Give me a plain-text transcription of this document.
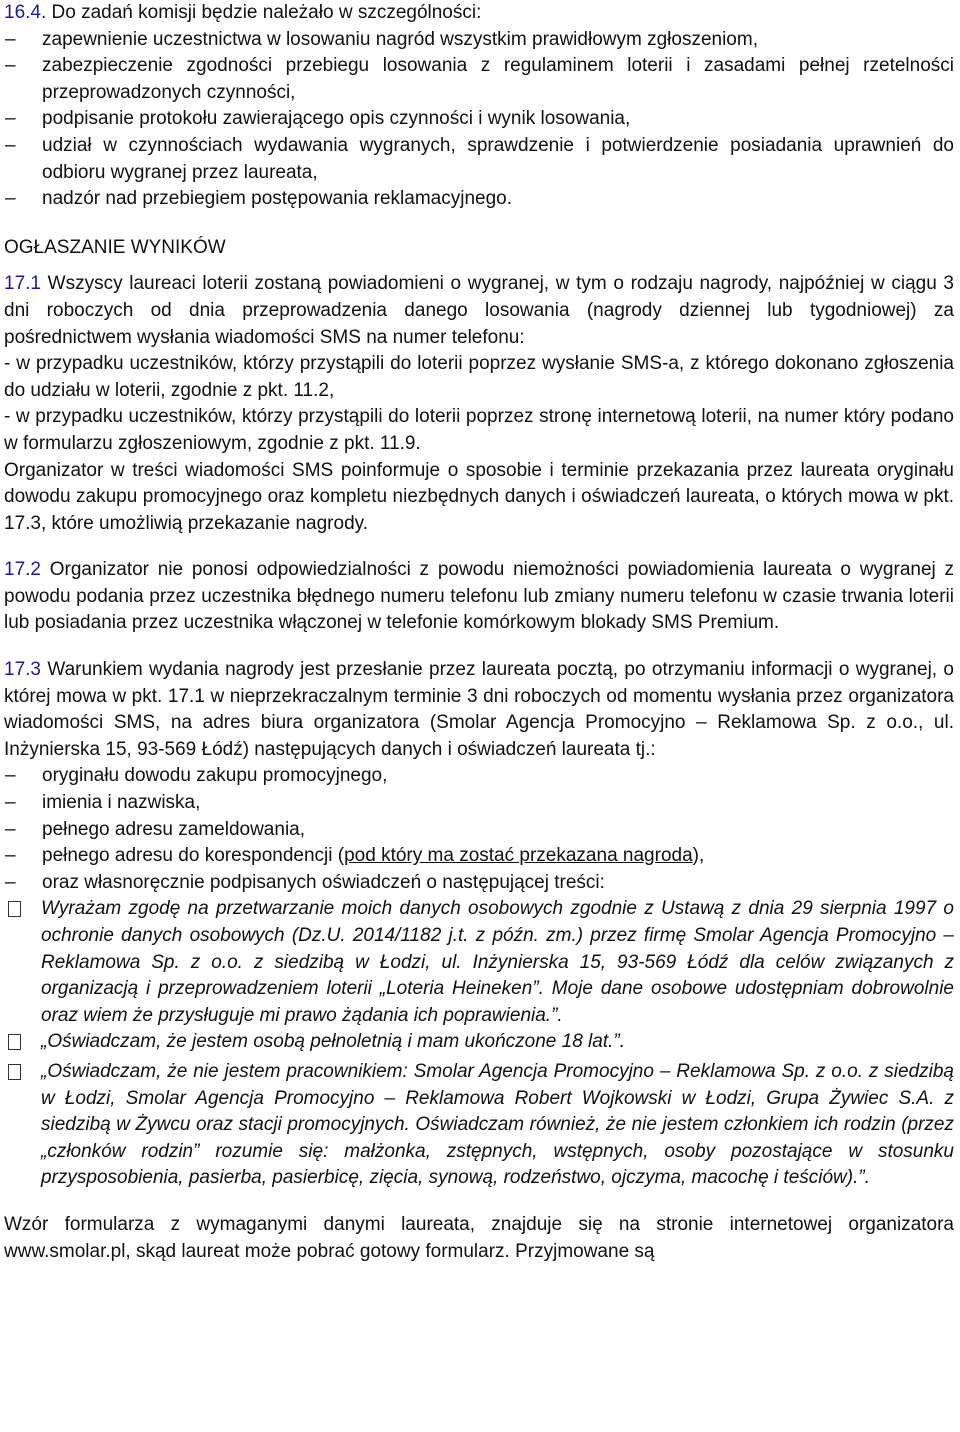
16.4. Do zadań komisji będzie należało w szczególności:

–	zapewnienie uczestnictwa w losowaniu nagród wszystkim prawidłowym zgłoszeniom,
–	zabezpieczenie zgodności przebiegu losowania z regulaminem loterii i zasadami pełnej rzetelności przeprowadzonych czynności,
–	podpisanie protokołu zawierającego opis czynności i wynik losowania,
–	udział w czynnościach wydawania wygranych, sprawdzenie i potwierdzenie posiadania uprawnień do odbioru wygranej przez laureata,
–	nadzór nad przebiegiem postępowania reklamacyjnego.

OGŁASZANIE WYNIKÓW

17.1 Wszyscy laureaci loterii zostaną powiadomieni o wygranej, w tym o rodzaju nagrody, najpóźniej w ciągu 3 dni roboczych od dnia przeprowadzenia danego losowania (nagrody dziennej lub tygodniowej) za pośrednictwem wysłania wiadomości SMS na numer telefonu:

- w przypadku uczestników, którzy przystąpili do loterii poprzez wysłanie SMS-a, z którego dokonano zgłoszenia do udziału w loterii, zgodnie z pkt. 11.2,

- w przypadku uczestników, którzy przystąpili do loterii poprzez stronę internetową loterii, na numer który podano w formularzu zgłoszeniowym, zgodnie z pkt. 11.9.

Organizator w treści wiadomości SMS poinformuje o sposobie i terminie przekazania przez laureata oryginału dowodu zakupu promocyjnego oraz kompletu niezbędnych danych i oświadczeń laureata, o których mowa w pkt. 17.3, które umożliwią przekazanie nagrody.

17.2 Organizator nie ponosi odpowiedzialności z powodu niemożności powiadomienia laureata o wygranej z powodu podania przez uczestnika błędnego numeru telefonu lub zmiany numeru telefonu w czasie trwania loterii lub posiadania przez uczestnika włączonej w telefonie komórkowym blokady SMS Premium.

17.3 Warunkiem wydania nagrody jest przesłanie przez laureata pocztą, po otrzymaniu informacji o wygranej, o której mowa w pkt. 17.1 w nieprzekraczalnym terminie 3 dni roboczych od momentu wysłania przez organizatora wiadomości SMS, na adres biura organizatora (Smolar Agencja Promocyjno – Reklamowa Sp. z o.o., ul. Inżynierska 15, 93-569 Łódź) następujących danych i oświadczeń laureata tj.:

–	oryginału dowodu zakupu promocyjnego,
–	imienia i nazwiska,
–	pełnego adresu zameldowania,
–	pełnego adresu do korespondencji (pod który ma zostać przekazana nagroda),
–	oraz własnoręcznie podpisanych oświadczeń o następującej treści:
Wyrażam zgodę na przetwarzanie moich danych osobowych zgodnie z Ustawą z dnia 29 sierpnia 1997 o ochronie danych osobowych (Dz.U. 2014/1182 j.t. z późn. zm.) przez firmę Smolar Agencja Promocyjno – Reklamowa Sp. z o.o. z siedzibą w Łodzi, ul. Inżynierska 15, 93-569 Łódź dla celów związanych z organizacją i przeprowadzeniem loterii „Loteria Heineken”. Moje dane osobowe udostępniam dobrowolnie oraz wiem że przysługuje mi prawo żądania ich poprawienia.”.
„Oświadczam, że jestem osobą pełnoletnią i mam ukończone 18 lat.”.
„Oświadczam, że nie jestem pracownikiem: Smolar Agencja Promocyjno – Reklamowa Sp. z o.o. z siedzibą w Łodzi, Smolar Agencja Promocyjno – Reklamowa Robert Wojkowski w Łodzi, Grupa Żywiec S.A. z siedzibą w Żywcu oraz stacji promocyjnych. Oświadczam również, że nie jestem członkiem ich rodzin (przez „członków rodzin” rozumie się: małżonka, zstępnych, wstępnych, osoby pozostające w stosunku przysposobienia, pasierba, pasierbicę, zięcia, synową, rodzeństwo, ojczyma, macochę i teściów).”.

Wzór formularza z wymaganymi danymi laureata, znajduje się na stronie internetowej organizatora www.smolar.pl, skąd laureat może pobrać gotowy formularz. Przyjmowane są
